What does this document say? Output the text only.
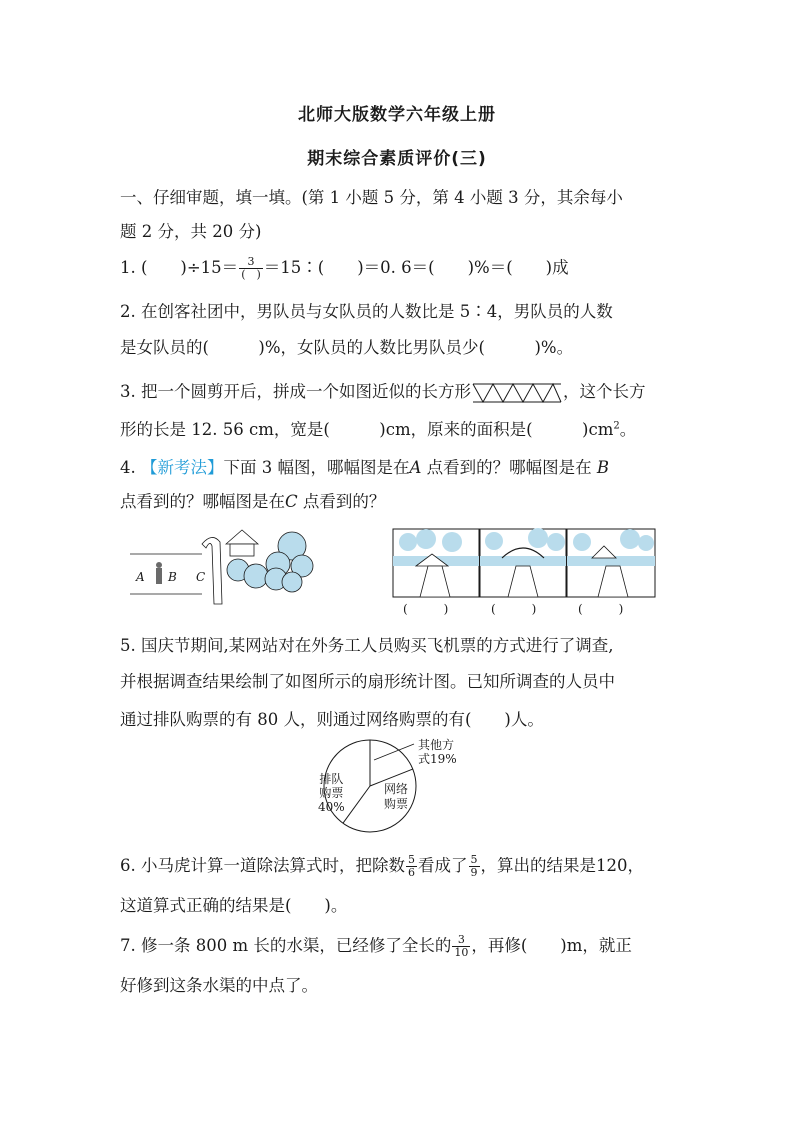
北师大版数学六年级上册
期末综合素质评价(三)
一、仔细审题，填一填。(第 1 小题 5 分，第 4 小题 3 分，其余每小
题 2 分，共 20 分)
1. (　　)$\div 15= \frac{3}{( )}$ ＝15∶(　　)＝0. 6＝(　　)%＝(　　)成
2. 在创客社团中，男队员与女队员的人数比是 5∶4，男队员的人数
是女队员的(　　　)%，女队员的人数比男队员少(　　　)%。
3. 把一个圆剪开后，拼成一个如图近似的长方形	，这个长方
形的长是 12. 56 cm，宽是(　　　)cm，原来的面积是(　　　)$cm^2$。
4. 【新考法】下面 3 幅图，哪幅图是在A 点看到的？哪幅图是在 B
点看到的？哪幅图是在C 点看到的？
A B C
(　　　)	(　　　)	(　　　)
5. 国庆节期间,某网站对在外务工人员购买飞机票的方式进行了调查,
并根据调查结果绘制了如图所示的扇形统计图。已知所调查的人员中
通过排队购票的有 80 人，则通过网络购票的有(　　)人。
排队
购票
40%
网络
购票
其他方
式19%
6. 小马虎计算一道除法算式时，把除数 $\frac{5}{6}$ 看成了 $\frac{5}{9}$ ，算出的结果是120，
这道算式正确的结果是(　　)。
7. 修一条 800 m 长的水渠，已经修了全长的 $\frac{3}{10}$ ，再修(　　)m，就正
好修到这条水渠的中点了。
